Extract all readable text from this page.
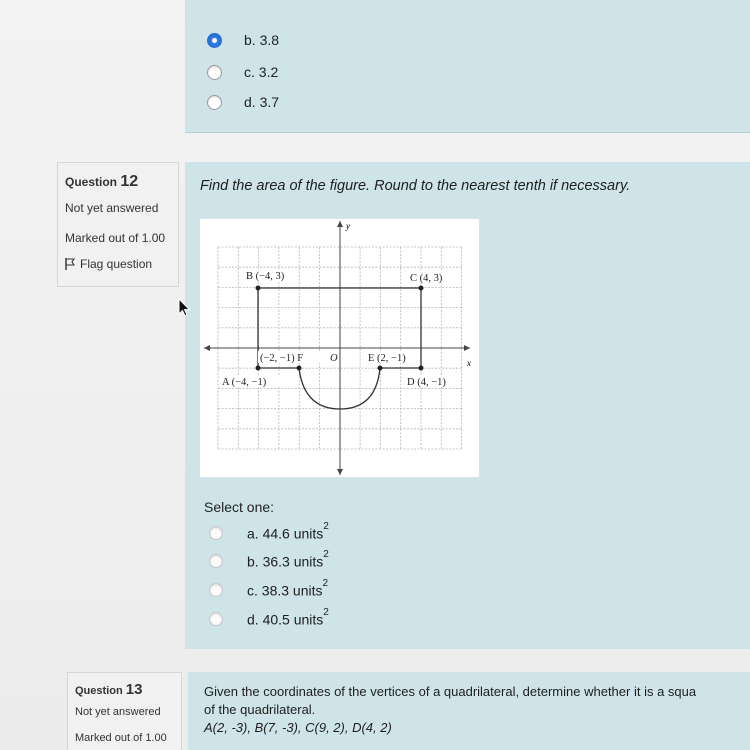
b. 3.8
c. 3.2
d. 3.7
Question 12
Not yet answered
Marked out of 1.00
Flag question
Find the area of the figure. Round to the nearest tenth if necessary.
y
x
B (−4, 3)	C (4, 3)
(−2, −1) F	O	E (2, −1)
A (−4, −1)	D (4, −1)
Select one:
a. 44.6 units$^2$
b. 36.3 units$^2$
c. 38.3 units$^2$
d. 40.5 units$^2$
Question 13
Not yet answered
Marked out of 1.00
Given the coordinates of the vertices of a quadrilateral, determine whether it is a squa
of the quadrilateral.
A(2, -3), B(7, -3), C(9, 2), D(4, 2)
